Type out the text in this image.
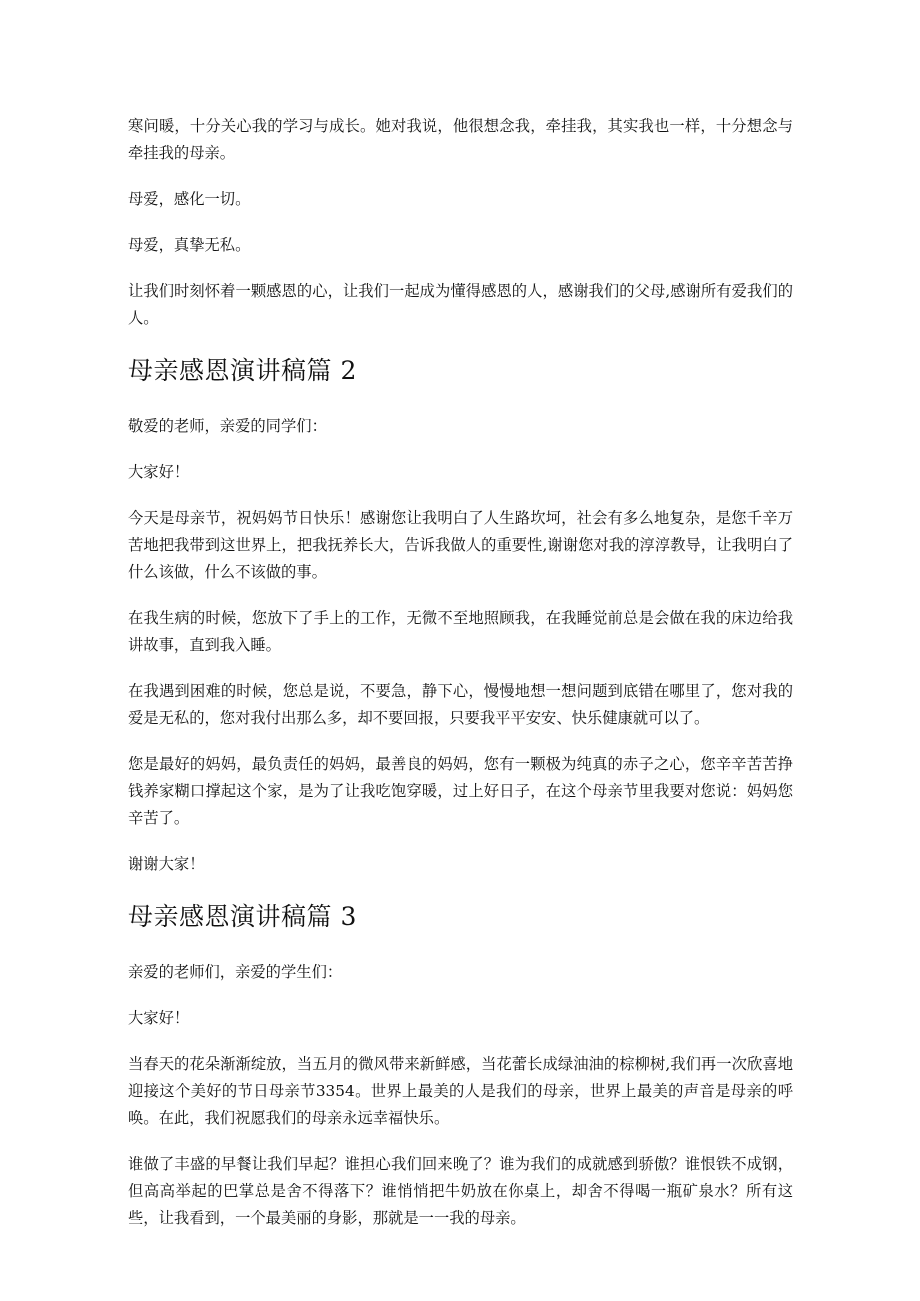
寒问暖，十分关心我的学习与成长。她对我说，他很想念我，牵挂我，其实我也一样，十分想念与牵挂我的母亲。

母爱，感化一切。

母爱，真挚无私。

让我们时刻怀着一颗感恩的心，让我们一起成为懂得感恩的人，感谢我们的父母,感谢所有爱我们的人。

母亲感恩演讲稿篇 2

敬爱的老师，亲爱的同学们：

大家好！

今天是母亲节，祝妈妈节日快乐！感谢您让我明白了人生路坎坷，社会有多么地复杂，是您千辛万苦地把我带到这世界上，把我抚养长大，告诉我做人的重要性,谢谢您对我的淳淳教导，让我明白了什么该做，什么不该做的事。

在我生病的时候，您放下了手上的工作，无微不至地照顾我，在我睡觉前总是会做在我的床边给我讲故事，直到我入睡。

在我遇到困难的时候，您总是说，不要急，静下心，慢慢地想一想问题到底错在哪里了，您对我的爱是无私的，您对我付出那么多，却不要回报，只要我平平安安、快乐健康就可以了。

您是最好的妈妈，最负责任的妈妈，最善良的妈妈，您有一颗极为纯真的赤子之心，您辛辛苦苦挣钱养家糊口撑起这个家，是为了让我吃饱穿暖，过上好日子，在这个母亲节里我要对您说：妈妈您辛苦了。

谢谢大家！

母亲感恩演讲稿篇 3

亲爱的老师们，亲爱的学生们：

大家好！

当春天的花朵渐渐绽放，当五月的微风带来新鲜感，当花蕾长成绿油油的棕柳树,我们再一次欣喜地迎接这个美好的节日母亲节3354。世界上最美的人是我们的母亲，世界上最美的声音是母亲的呼唤。在此，我们祝愿我们的母亲永远幸福快乐。

谁做了丰盛的早餐让我们早起？谁担心我们回来晚了？谁为我们的成就感到骄傲？谁恨铁不成钢，但高高举起的巴掌总是舍不得落下？谁悄悄把牛奶放在你桌上，却舍不得喝一瓶矿泉水？所有这些，让我看到，一个最美丽的身影，那就是一一我的母亲。
